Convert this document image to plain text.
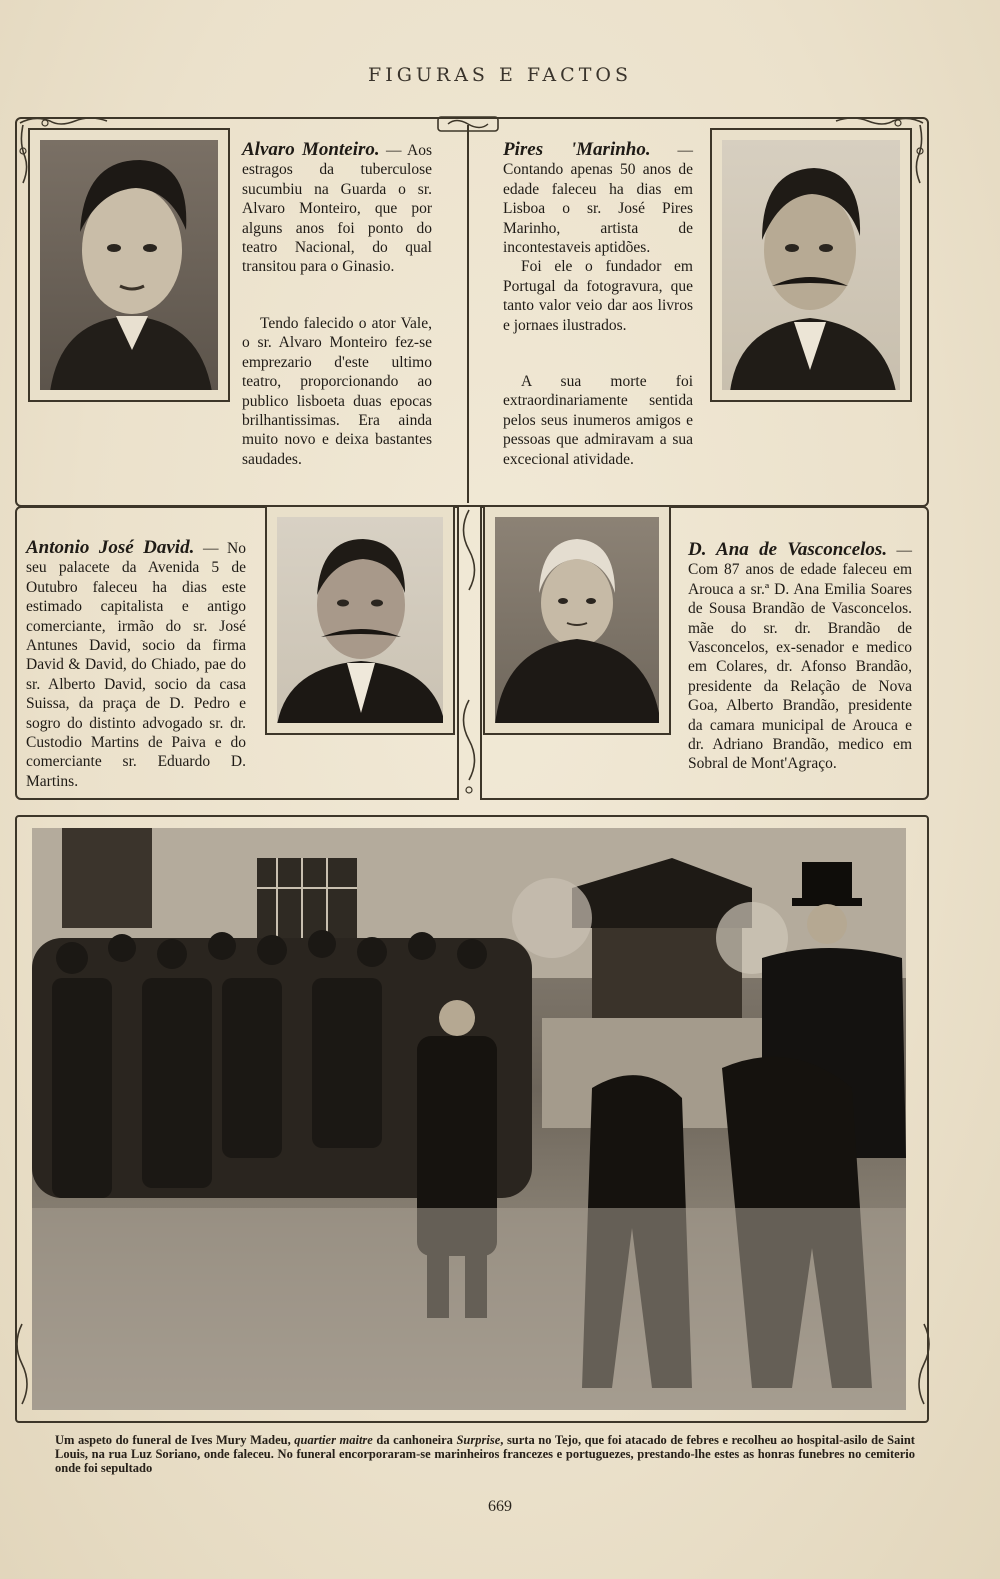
FIGURAS E FACTOS
Alvaro Monteiro. — Aos estragos da tuberculose sucumbiu na Guarda o sr. Alvaro Monteiro, que por alguns anos foi ponto do teatro Nacional, do qual transitou para o Ginasio.
Tendo falecido o ator Vale, o sr. Alvaro Monteiro fez-se emprezario d'este ultimo teatro, proporcionando ao publico lisboeta duas epocas brilhantissimas. Era ainda muito novo e deixa bastantes saudades.
Pires 'Marinho. —Contando apenas 50 anos de edade faleceu ha dias em Lisboa o sr. José Pires Marinho, artista de incontestaveis aptidões.
Foi ele o fundador em Portugal da fotogravura, que tanto valor veio dar aos livros e jornaes ilustrados.
A sua morte foi extraordinariamente sentida pelos seus inumeros amigos e pessoas que admiravam a sua excecional atividade.
Antonio José David. — No seu palacete da Avenida 5 de Outubro faleceu ha dias este estimado capitalista e antigo comerciante, irmão do sr. José Antunes David, socio da firma David & David, do Chiado, pae do sr. Alberto David, socio da casa Suissa, da praça de D. Pedro e sogro do distinto advogado sr. dr. Custodio Martins de Paiva e do comerciante sr. Eduardo D. Martins.
D. Ana de Vasconcelos. —Com 87 anos de edade faleceu em Arouca a sr.ª D. Ana Emilia Soares de Sousa Brandão de Vasconcelos. mãe do sr. dr. Brandão de Vasconcelos, ex-senador e medico em Colares, dr. Afonso Brandão, presidente da Relação de Nova Goa, Alberto Brandão, presidente da camara municipal de Arouca e dr. Adriano Brandão, medico em Sobral de Mont'Agraço.
Um aspeto do funeral de Ives Mury Madeu, quartier maitre da canhoneira Surprise, surta no Tejo, que foi atacado de febres e recolheu ao hospital-asilo de Saint Louis, na rua Luz Soriano, onde faleceu. No funeral encorporaram-se marinheiros francezes e portuguezes, prestando-lhe estes as honras funebres no cemiterio onde foi sepultado
669
